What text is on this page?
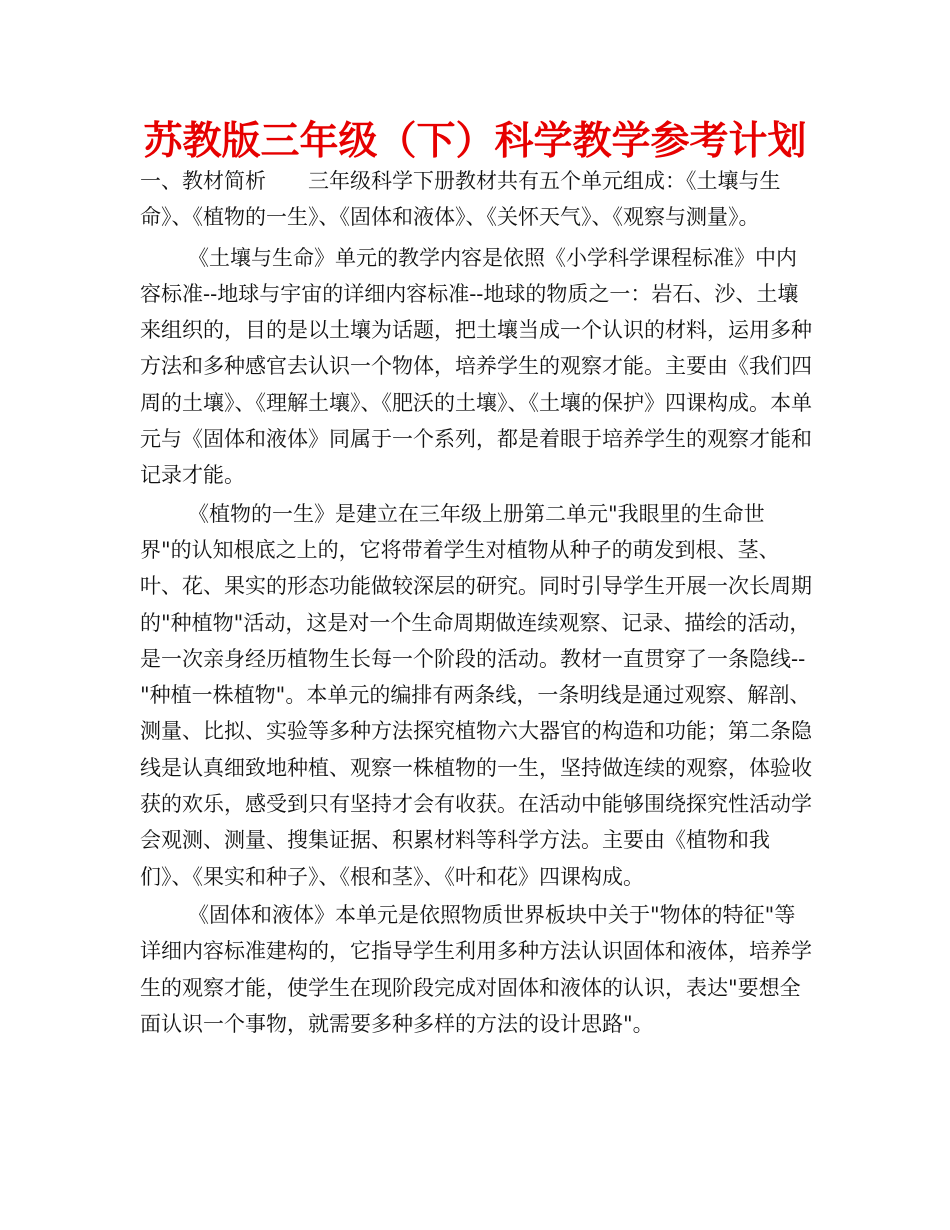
苏教版三年级（下）科学教学参考计划

一、教材简析 三年级科学下册教材共有五个单元组成：《土壤与生命》、《植物的一生》、《固体和液体》、《关怀天气》、《观察与测量》。

《土壤与生命》单元的教学内容是依照《小学科学课程标准》中内容标准--地球与宇宙的详细内容标准--地球的物质之一：岩石、沙、土壤来组织的，目的是以土壤为话题，把土壤当成一个认识的材料，运用多种方法和多种感官去认识一个物体，培养学生的观察才能。主要由《我们四周的土壤》、《理解土壤》、《肥沃的土壤》、《土壤的保护》四课构成。本单元与《固体和液体》同属于一个系列，都是着眼于培养学生的观察才能和记录才能。

《植物的一生》是建立在三年级上册第二单元"我眼里的生命世界"的认知根底之上的，它将带着学生对植物从种子的萌发到根、茎、叶、花、果实的形态功能做较深层的研究。同时引导学生开展一次长周期的"种植物"活动，这是对一个生命周期做连续观察、记录、描绘的活动，是一次亲身经历植物生长每一个阶段的活动。教材一直贯穿了一条隐线--"种植一株植物"。本单元的编排有两条线，一条明线是通过观察、解剖、测量、比拟、实验等多种方法探究植物六大器官的构造和功能；第二条隐线是认真细致地种植、观察一株植物的一生，坚持做连续的观察，体验收获的欢乐，感受到只有坚持才会有收获。在活动中能够围绕探究性活动学会观测、测量、搜集证据、积累材料等科学方法。主要由《植物和我们》、《果实和种子》、《根和茎》、《叶和花》四课构成。

《固体和液体》本单元是依照物质世界板块中关于"物体的特征"等详细内容标准建构的，它指导学生利用多种方法认识固体和液体，培养学生的观察才能，使学生在现阶段完成对固体和液体的认识，表达"要想全面认识一个事物，就需要多种多样的方法的设计思路"。
